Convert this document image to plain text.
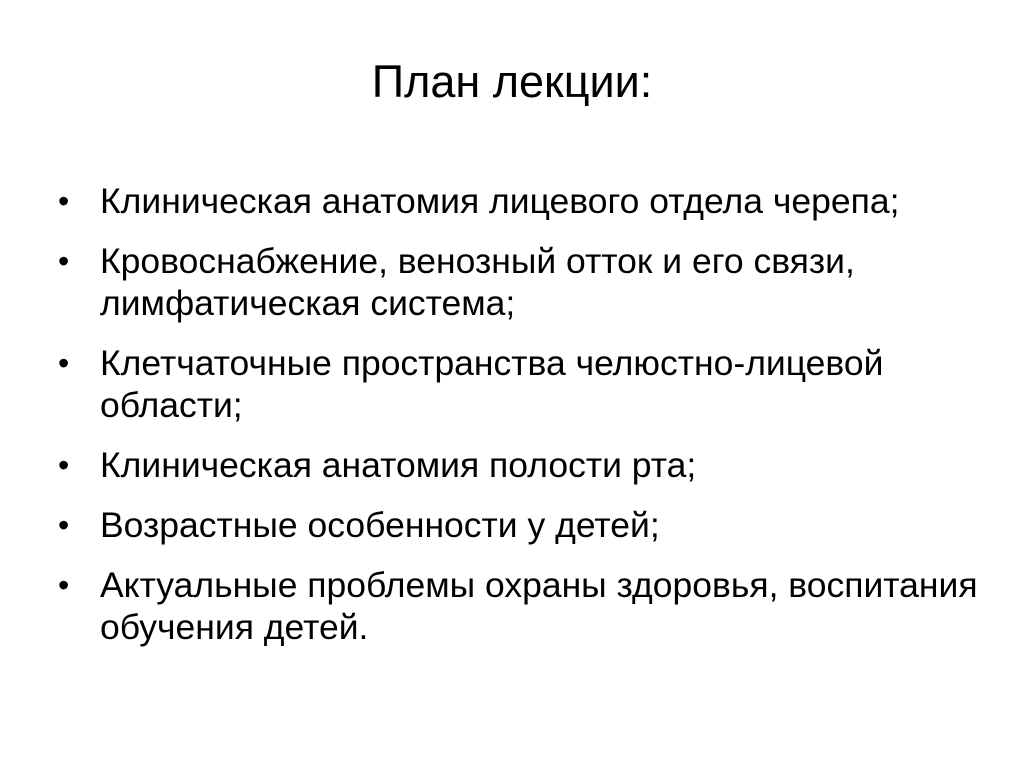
План лекции:
• Клиническая анатомия лицевого отдела черепа;
• Кровоснабжение, венозный отток и его связи, лимфатическая система;
• Клетчаточные пространства челюстно-лицевой области;
• Клиническая анатомия полости рта;
• Возрастные особенности у детей;
• Актуальные проблемы охраны здоровья, воспитания обучения детей.
